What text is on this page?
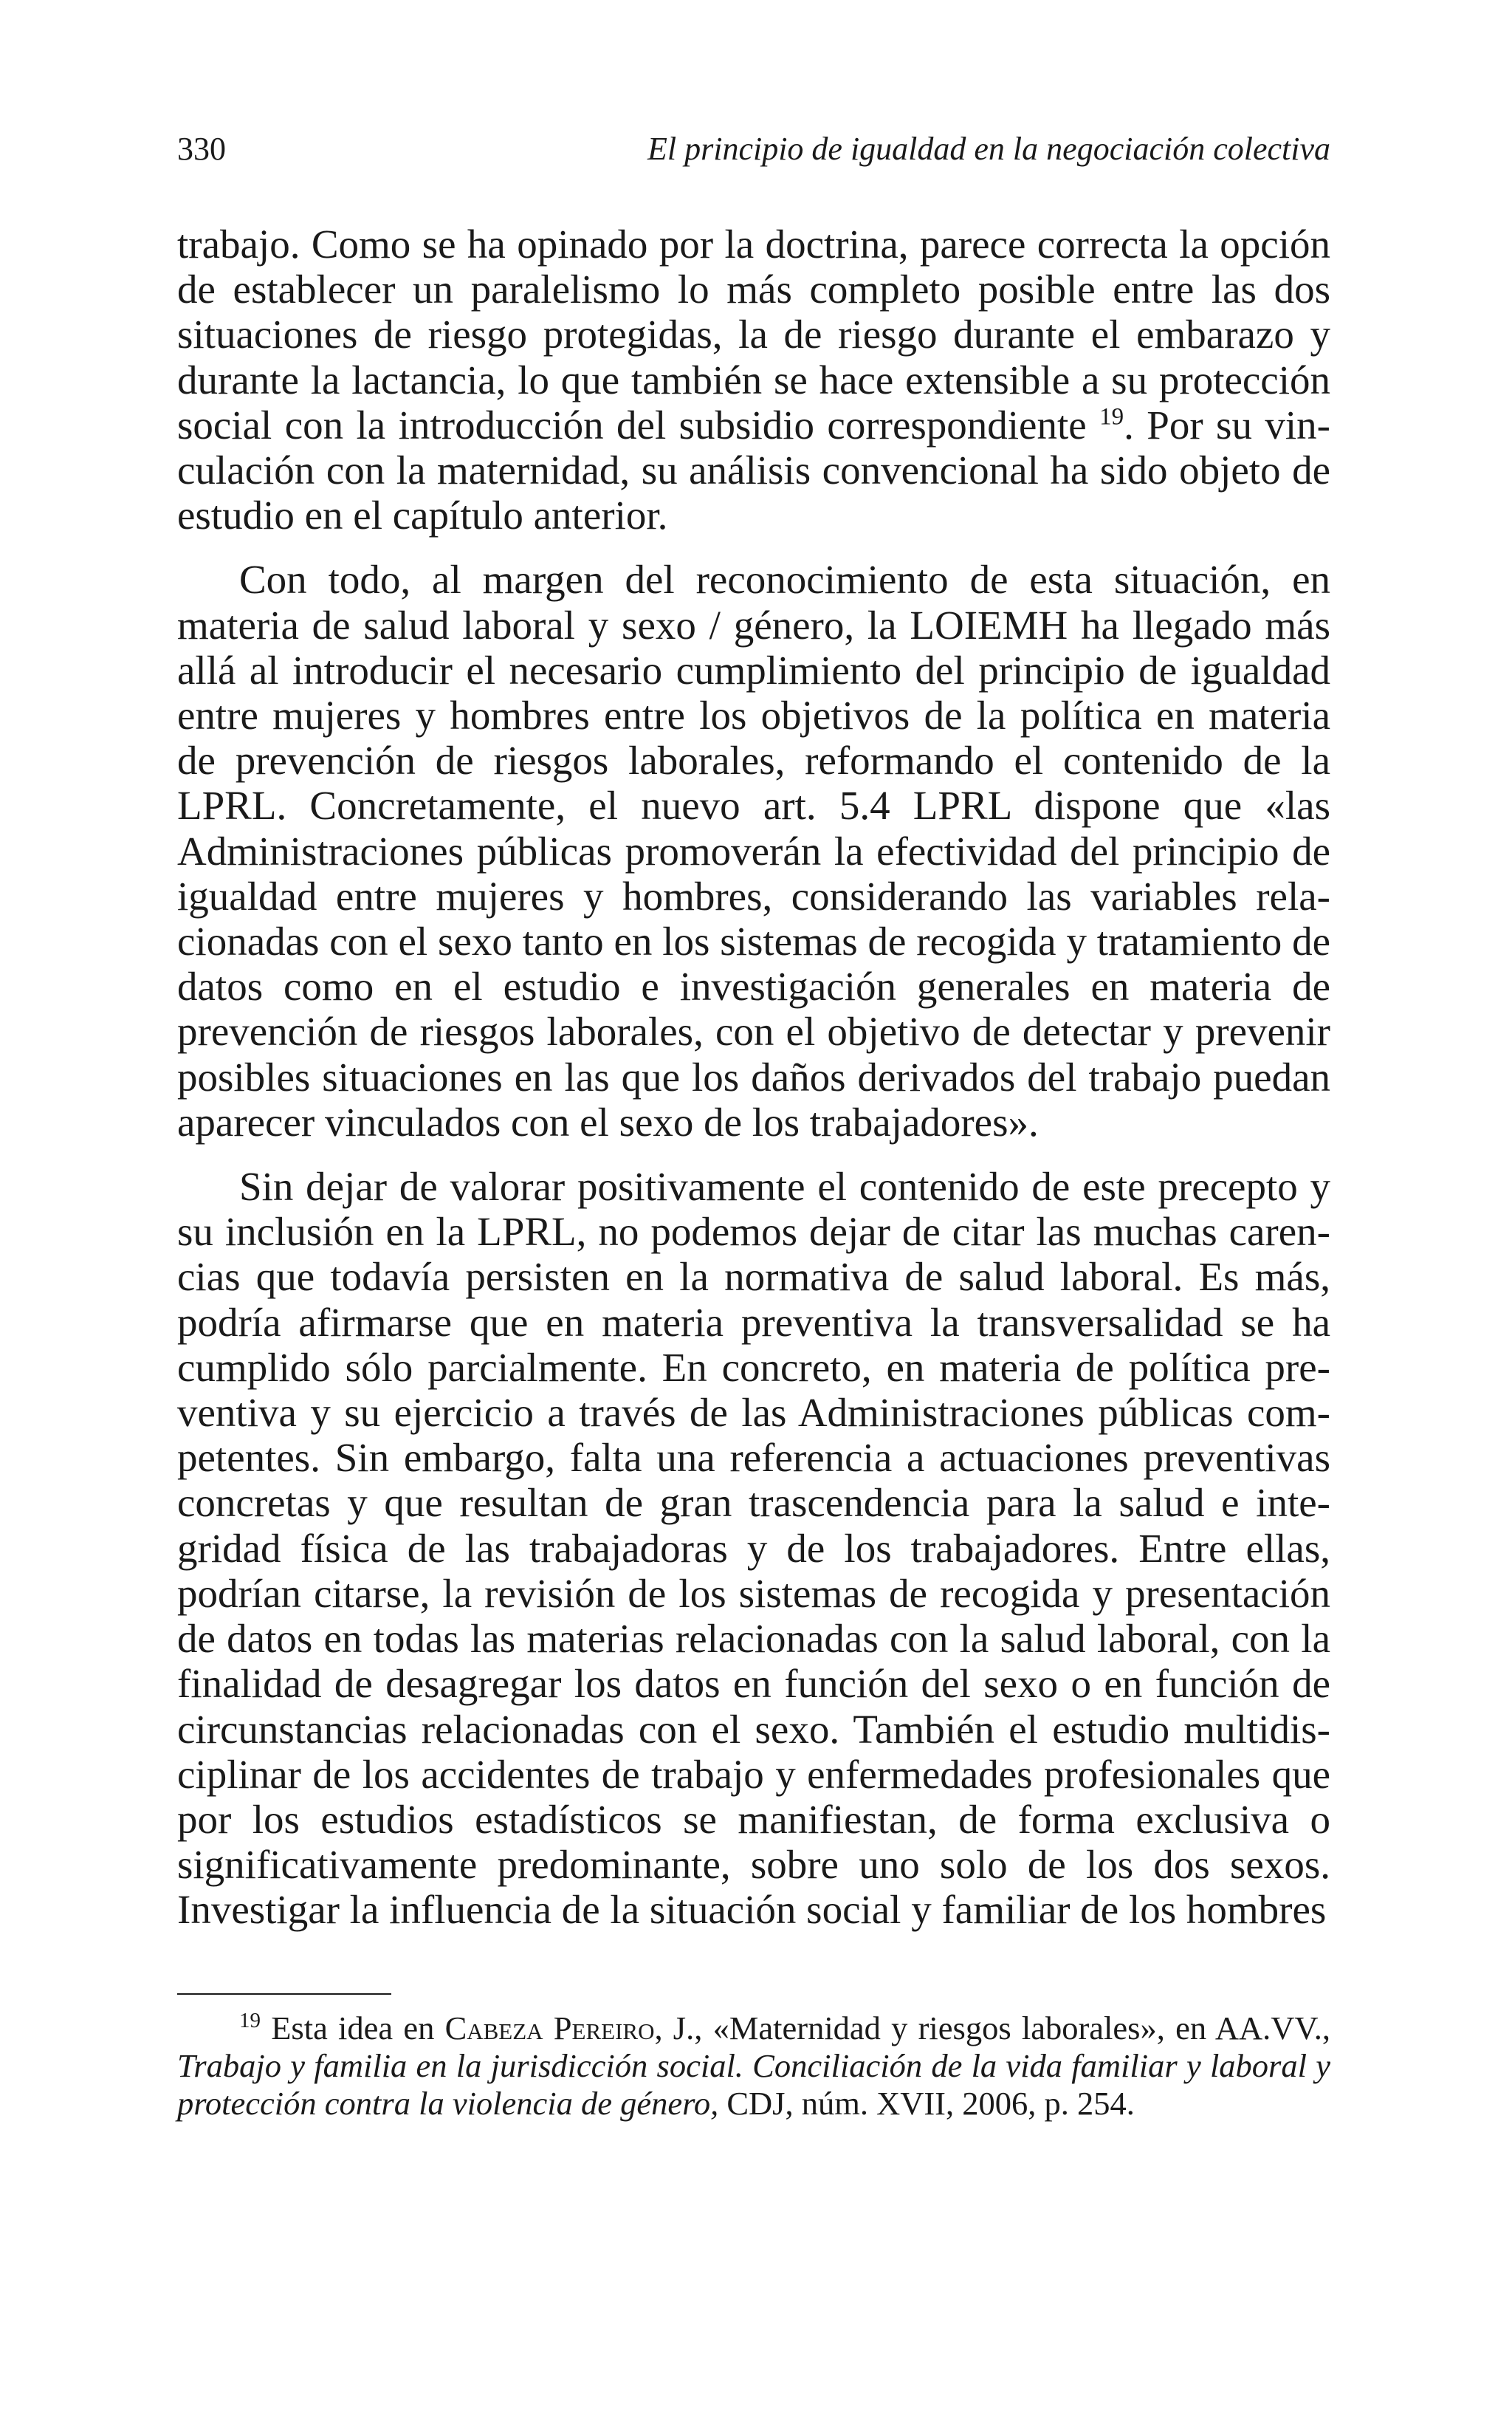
330	El principio de igualdad en la negociación colectiva

trabajo. Como se ha opinado por la doctrina, parece correcta la opción de establecer un paralelismo lo más completo posible entre las dos situaciones de riesgo protegidas, la de riesgo durante el embarazo y durante la lactancia, lo que también se hace extensible a su protección social con la introducción del subsidio correspondiente $^{19}$. Por su vinculación con la maternidad, su análisis convencional ha sido objeto de estudio en el capítulo anterior.

Con todo, al margen del reconocimiento de esta situación, en materia de salud laboral y sexo / género, la LOIEMH ha llegado más allá al introducir el necesario cumplimiento del principio de igualdad entre mujeres y hombres entre los objetivos de la política en materia de prevención de riesgos laborales, reformando el contenido de la LPRL. Concretamente, el nuevo art. 5.4 LPRL dispone que «las Administraciones públicas promoverán la efectividad del principio de igualdad entre mujeres y hombres, considerando las variables relacionadas con el sexo tanto en los sistemas de recogida y tratamiento de datos como en el estudio e investigación generales en materia de prevención de riesgos laborales, con el objetivo de detectar y prevenir posibles situaciones en las que los daños derivados del trabajo puedan aparecer vinculados con el sexo de los trabajadores».

Sin dejar de valorar positivamente el contenido de este precepto y su inclusión en la LPRL, no podemos dejar de citar las muchas carencias que todavía persisten en la normativa de salud laboral. Es más, podría afirmarse que en materia preventiva la transversalidad se ha cumplido sólo parcialmente. En concreto, en materia de política preventiva y su ejercicio a través de las Administraciones públicas competentes. Sin embargo, falta una referencia a actuaciones preventivas concretas y que resultan de gran trascendencia para la salud e integridad física de las trabajadoras y de los trabajadores. Entre ellas, podrían citarse, la revisión de los sistemas de recogida y presentación de datos en todas las materias relacionadas con la salud laboral, con la finalidad de desagregar los datos en función del sexo o en función de circunstancias relacionadas con el sexo. También el estudio multidisciplinar de los accidentes de trabajo y enfermedades profesionales que por los estudios estadísticos se manifiestan, de forma exclusiva o significativamente predominante, sobre uno solo de los dos sexos. Investigar la influencia de la situación social y familiar de los hombres

$^{19}$ Esta idea en Cabeza Pereiro, J., «Maternidad y riesgos laborales», en AA.VV., Trabajo y familia en la jurisdicción social. Conciliación de la vida familiar y laboral y protección contra la violencia de género, CDJ, núm. XVII, 2006, p. 254.
